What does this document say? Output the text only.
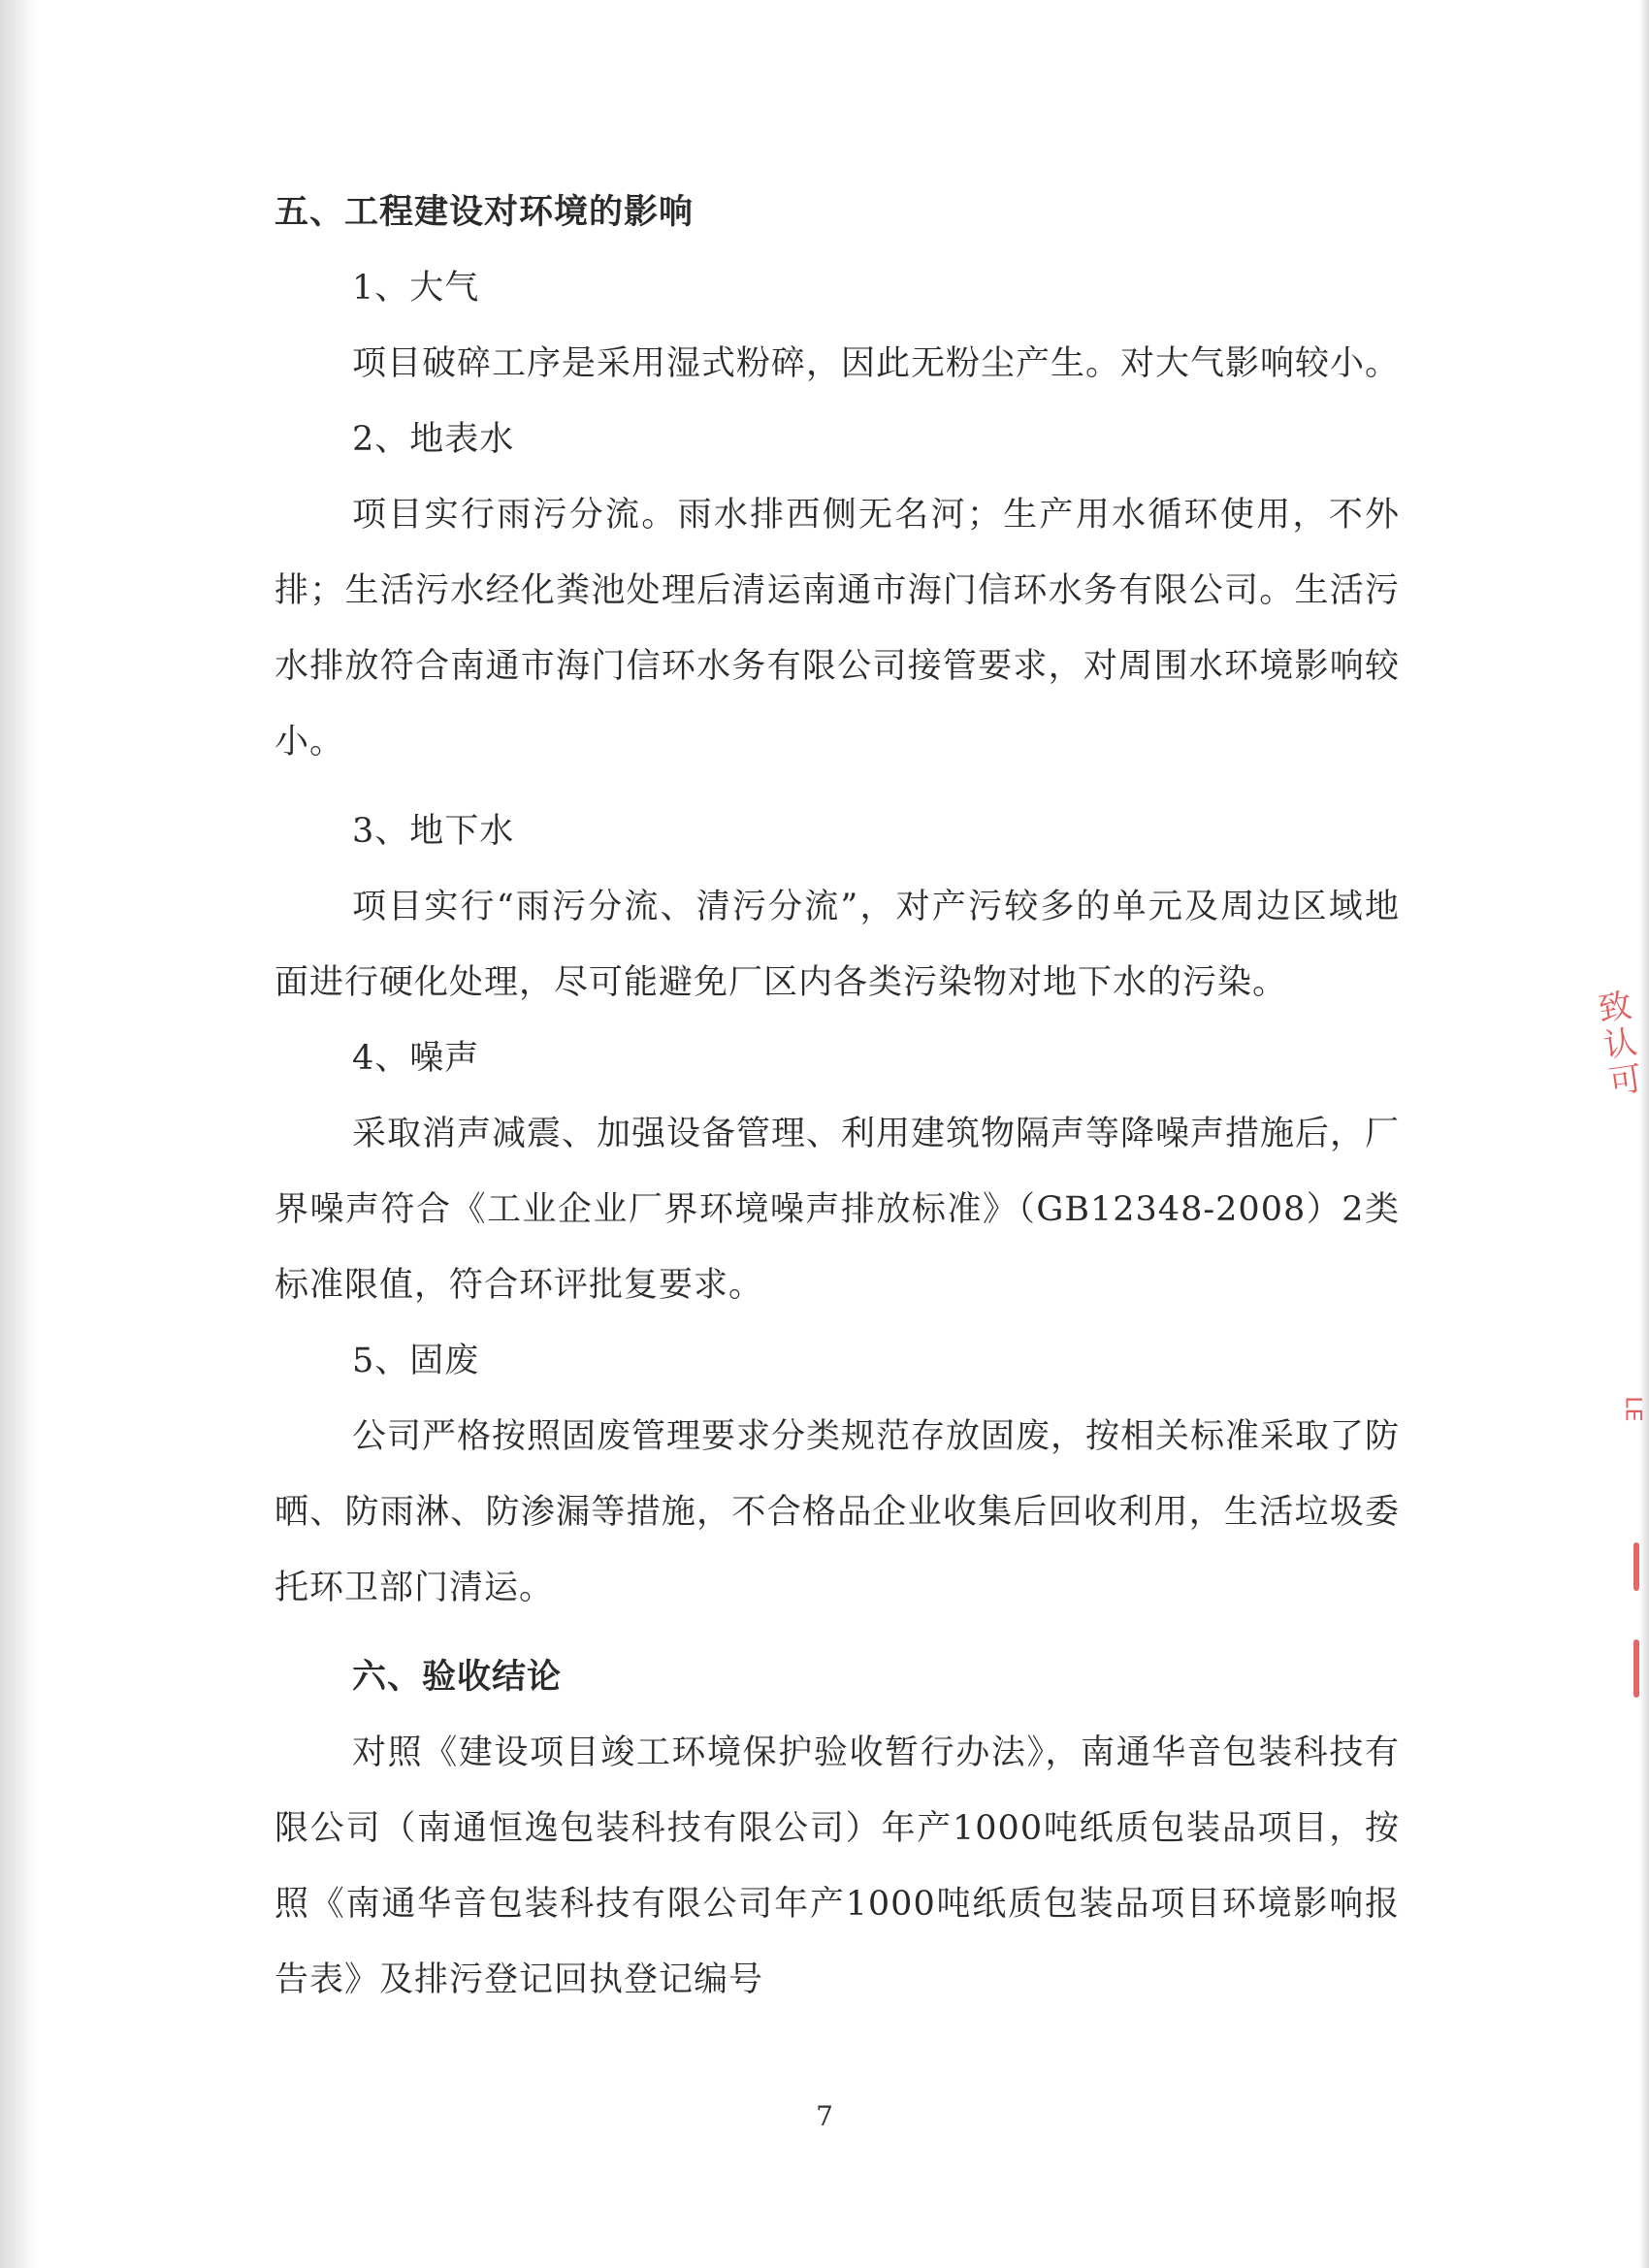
五、工程建设对环境的影响

1、大气

项目破碎工序是采用湿式粉碎，因此无粉尘产生。对大气影响较小。

2、地表水

项目实行雨污分流。雨水排西侧无名河；生产用水循环使用，不外排；生活污水经化粪池处理后清运南通市海门信环水务有限公司。生活污水排放符合南通市海门信环水务有限公司接管要求，对周围水环境影响较小。

3、地下水

项目实行“雨污分流、清污分流”，对产污较多的单元及周边区域地面进行硬化处理，尽可能避免厂区内各类污染物对地下水的污染。

4、噪声

采取消声减震、加强设备管理、利用建筑物隔声等降噪声措施后，厂界噪声符合《工业企业厂界环境噪声排放标准》（GB12348-2008）2类标准限值，符合环评批复要求。

5、固废

公司严格按照固废管理要求分类规范存放固废，按相关标准采取了防晒、防雨淋、防渗漏等措施，不合格品企业收集后回收利用，生活垃圾委托环卫部门清运。

六、验收结论

对照《建设项目竣工环境保护验收暂行办法》，南通华音包装科技有限公司（南通恒逸包装科技有限公司）年产1000吨纸质包装品项目，按照《南通华音包装科技有限公司年产1000吨纸质包装品项目环境影响报告表》及排污登记回执登记编号

7
致认可
LE
